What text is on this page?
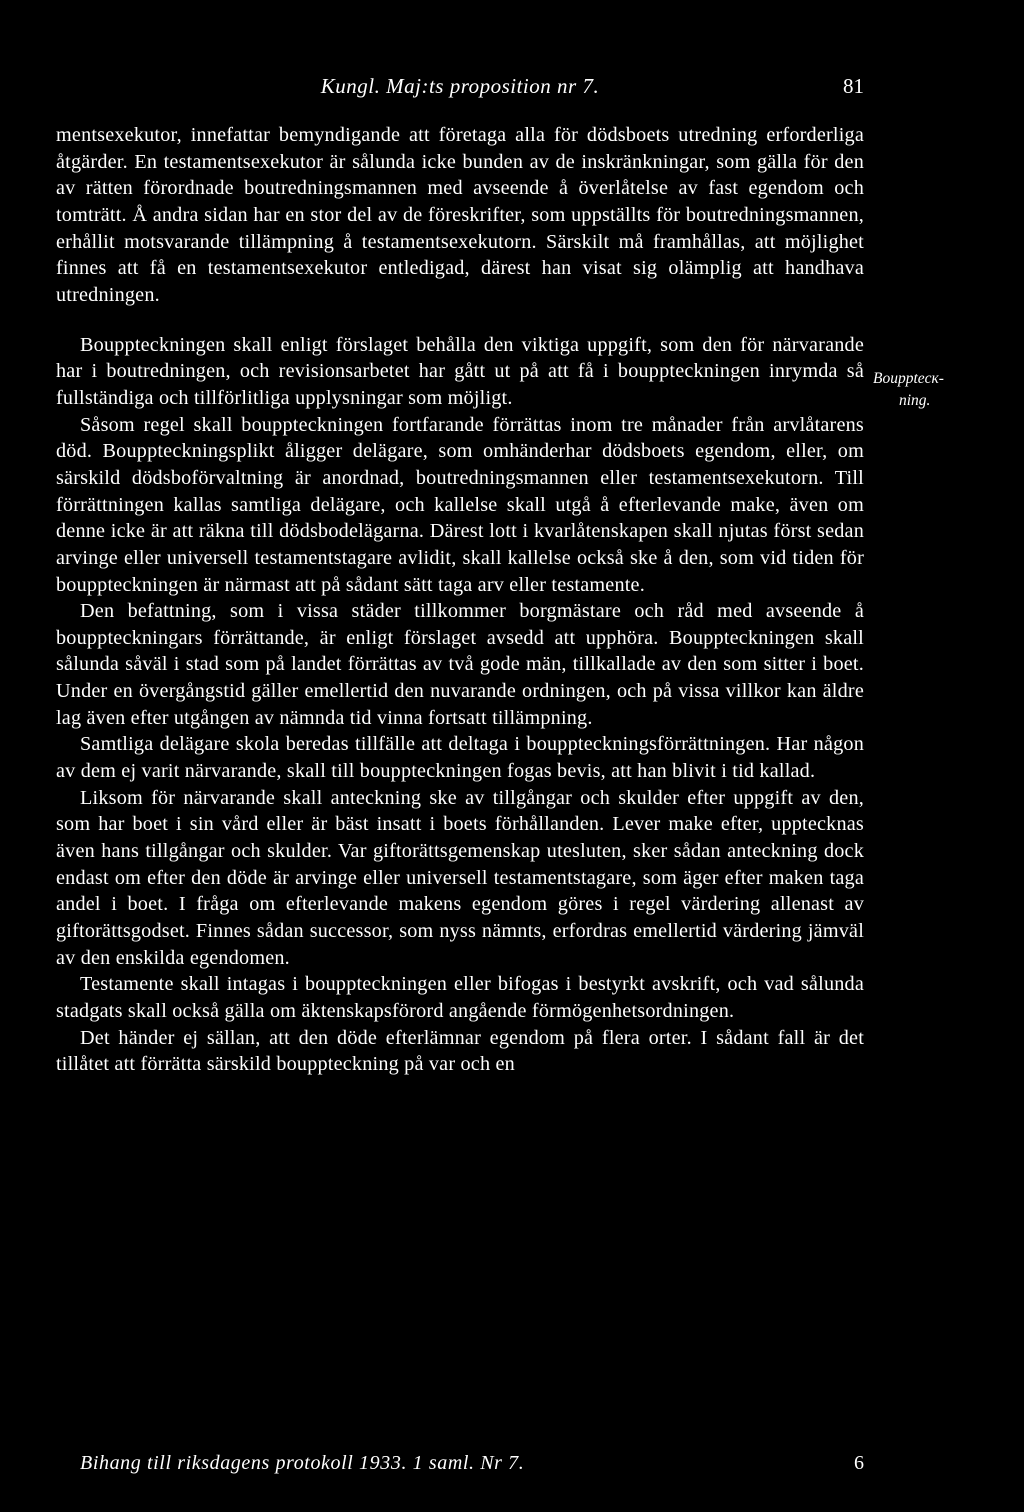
Kungl. Maj:ts proposition nr 7.	81

mentsexekutor, innefattar bemyndigande att företaga alla för dödsboets utredning erforderliga åtgärder. En testamentsexekutor är sålunda icke bunden av de inskränkningar, som gälla för den av rätten förordnade boutredningsmannen med avseende å överlåtelse av fast egendom och tomträtt. Å andra sidan har en stor del av de föreskrifter, som uppställts för boutredningsmannen, erhållit motsvarande tillämpning å testamentsexekutorn. Särskilt må framhållas, att möjlighet finnes att få en testamentsexekutor entledigad, därest han visat sig olämplig att handhava utredningen.

Bouppteckningen skall enligt förslaget behålla den viktiga uppgift, som den för närvarande har i boutredningen, och revisionsarbetet har gått ut på att få i bouppteckningen inrymda så fullständiga och tillförlitliga upplysningar som möjligt.

Såsom regel skall bouppteckningen fortfarande förrättas inom tre månader från arvlåtarens död. Bouppteckningsplikt åligger delägare, som omhänderhar dödsboets egendom, eller, om särskild dödsboförvaltning är anordnad, boutredningsmannen eller testamentsexekutorn. Till förrättningen kallas samtliga delägare, och kallelse skall utgå å efterlevande make, även om denne icke är att räkna till dödsbodelägarna. Därest lott i kvarlåtenskapen skall njutas först sedan arvinge eller universell testamentstagare avlidit, skall kallelse också ske å den, som vid tiden för bouppteckningen är närmast att på sådant sätt taga arv eller testamente.

Den befattning, som i vissa städer tillkommer borgmästare och råd med avseende å bouppteckningars förrättande, är enligt förslaget avsedd att upphöra. Bouppteckningen skall sålunda såväl i stad som på landet förrättas av två gode män, tillkallade av den som sitter i boet. Under en övergångstid gäller emellertid den nuvarande ordningen, och på vissa villkor kan äldre lag även efter utgången av nämnda tid vinna fortsatt tillämpning.

Samtliga delägare skola beredas tillfälle att deltaga i bouppteckningsförrättningen. Har någon av dem ej varit närvarande, skall till bouppteckningen fogas bevis, att han blivit i tid kallad.

Liksom för närvarande skall anteckning ske av tillgångar och skulder efter uppgift av den, som har boet i sin vård eller är bäst insatt i boets förhållanden. Lever make efter, upptecknas även hans tillgångar och skulder. Var giftorättsgemenskap utesluten, sker sådan anteckning dock endast om efter den döde är arvinge eller universell testamentstagare, som äger efter maken taga andel i boet. I fråga om efterlevande makens egendom göres i regel värdering allenast av giftorättsgodset. Finnes sådan successor, som nyss nämnts, erfordras emellertid värdering jämväl av den enskilda egendomen.

Testamente skall intagas i bouppteckningen eller bifogas i bestyrkt avskrift, och vad sålunda stadgats skall också gälla om äktenskapsförord angående förmögenhetsordningen.

Det händer ej sällan, att den döde efterlämnar egendom på flera orter. I sådant fall är det tillåtet att förrätta särskild bouppteckning på var och en

Boupptecк-
ning.
Bihang till riksdagens protokoll 1933. 1 saml. Nr 7.	6
